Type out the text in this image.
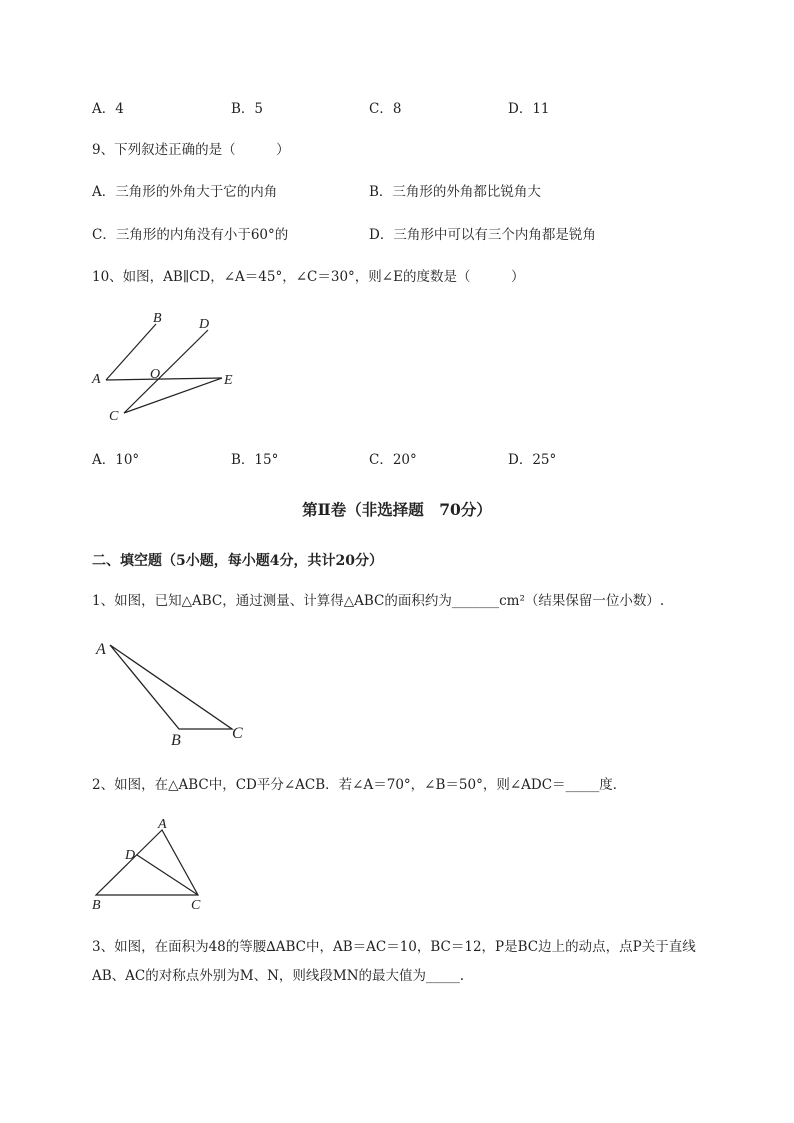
A．4	B．5	C．8	D．11
9、下列叙述正确的是（　　　）
A．三角形的外角大于它的内角	B．三角形的外角都比锐角大
C．三角形的内角没有小于60°的	D．三角形中可以有三个内角都是锐角
10、如图，AB∥CD，∠A＝45°，∠C＝30°，则∠E的度数是（　　　）
B	D
A	O	E
C
A．10°	B．15°	C．20°	D．25°
第Ⅱ卷（非选择题　70分）
二、填空题（5小题，每小题4分，共计20分）
1、如图，已知△ABC，通过测量、计算得△ABC的面积约为_______cm²（结果保留一位小数）.
A
B	C
2、如图，在△ABC中，CD平分∠ACB．若∠A＝70°，∠B＝50°，则∠ADC＝_____度．
A
D
B	C
3、如图，在面积为48的等腰∆ABC中，AB＝AC＝10，BC＝12，P是BC边上的动点，点P关于直线
AB、AC的对称点外别为M、N，则线段MN的最大值为_____.
